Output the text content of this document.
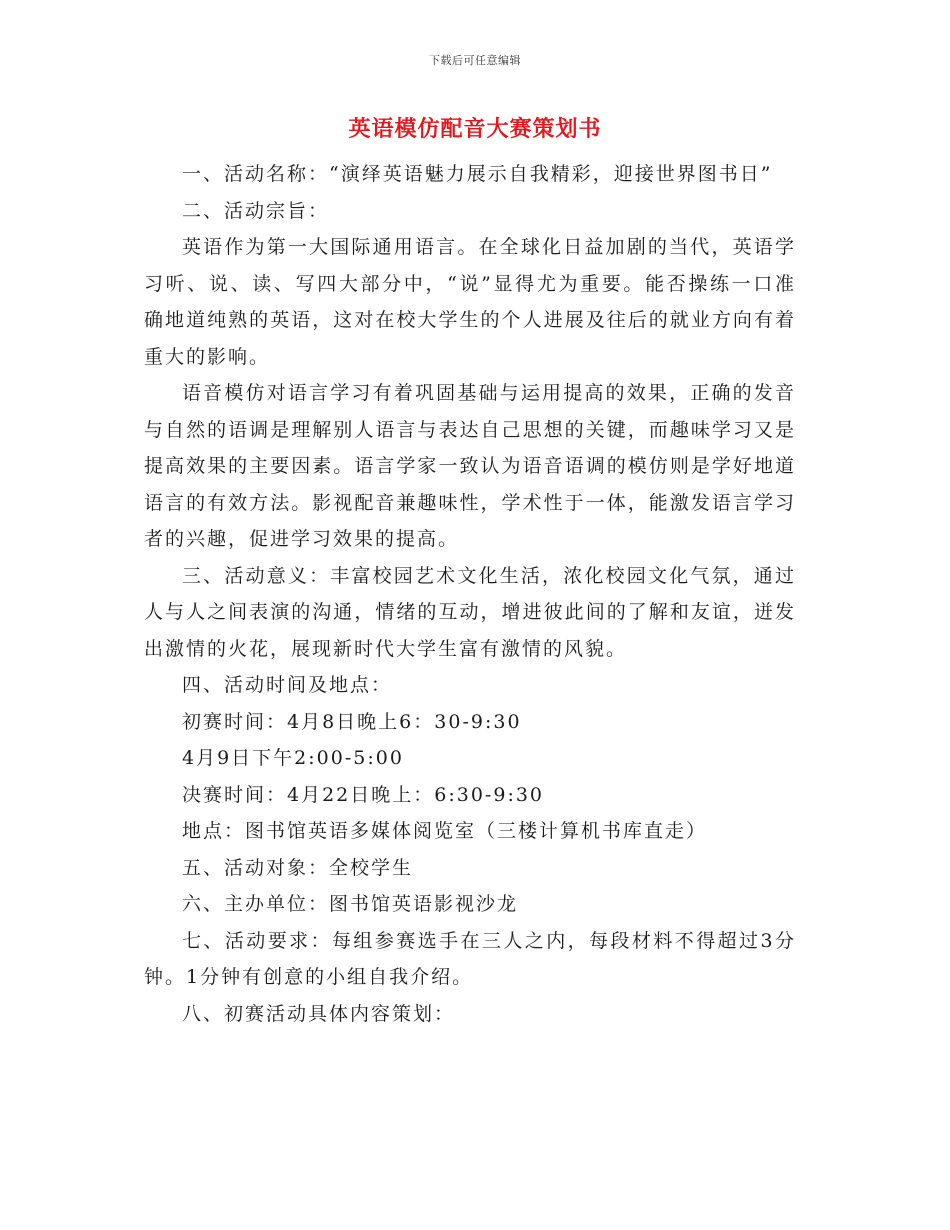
下载后可任意编辑
英语模仿配音大赛策划书

一、活动名称：“演绎英语魅力展示自我精彩，迎接世界图书日”

二、活动宗旨：

英语作为第一大国际通用语言。在全球化日益加剧的当代，英语学习听、说、读、写四大部分中，“说”显得尤为重要。能否操练一口准确地道纯熟的英语，这对在校大学生的个人进展及往后的就业方向有着重大的影响。

语音模仿对语言学习有着巩固基础与运用提高的效果，正确的发音与自然的语调是理解别人语言与表达自己思想的关键，而趣味学习又是提高效果的主要因素。语言学家一致认为语音语调的模仿则是学好地道语言的有效方法。影视配音兼趣味性，学术性于一体，能激发语言学习者的兴趣，促进学习效果的提高。

三、活动意义：丰富校园艺术文化生活，浓化校园文化气氛，通过人与人之间表演的沟通，情绪的互动，增进彼此间的了解和友谊，迸发出激情的火花，展现新时代大学生富有激情的风貌。

四、活动时间及地点：

初赛时间：4月8日晚上6：30-9:30

4月9日下午2:00-5:00

决赛时间：4月22日晚上：6:30-9:30

地点：图书馆英语多媒体阅览室（三楼计算机书库直走）

五、活动对象：全校学生

六、主办单位：图书馆英语影视沙龙

七、活动要求：每组参赛选手在三人之内，每段材料不得超过3分钟。1分钟有创意的小组自我介绍。

八、初赛活动具体内容策划：
